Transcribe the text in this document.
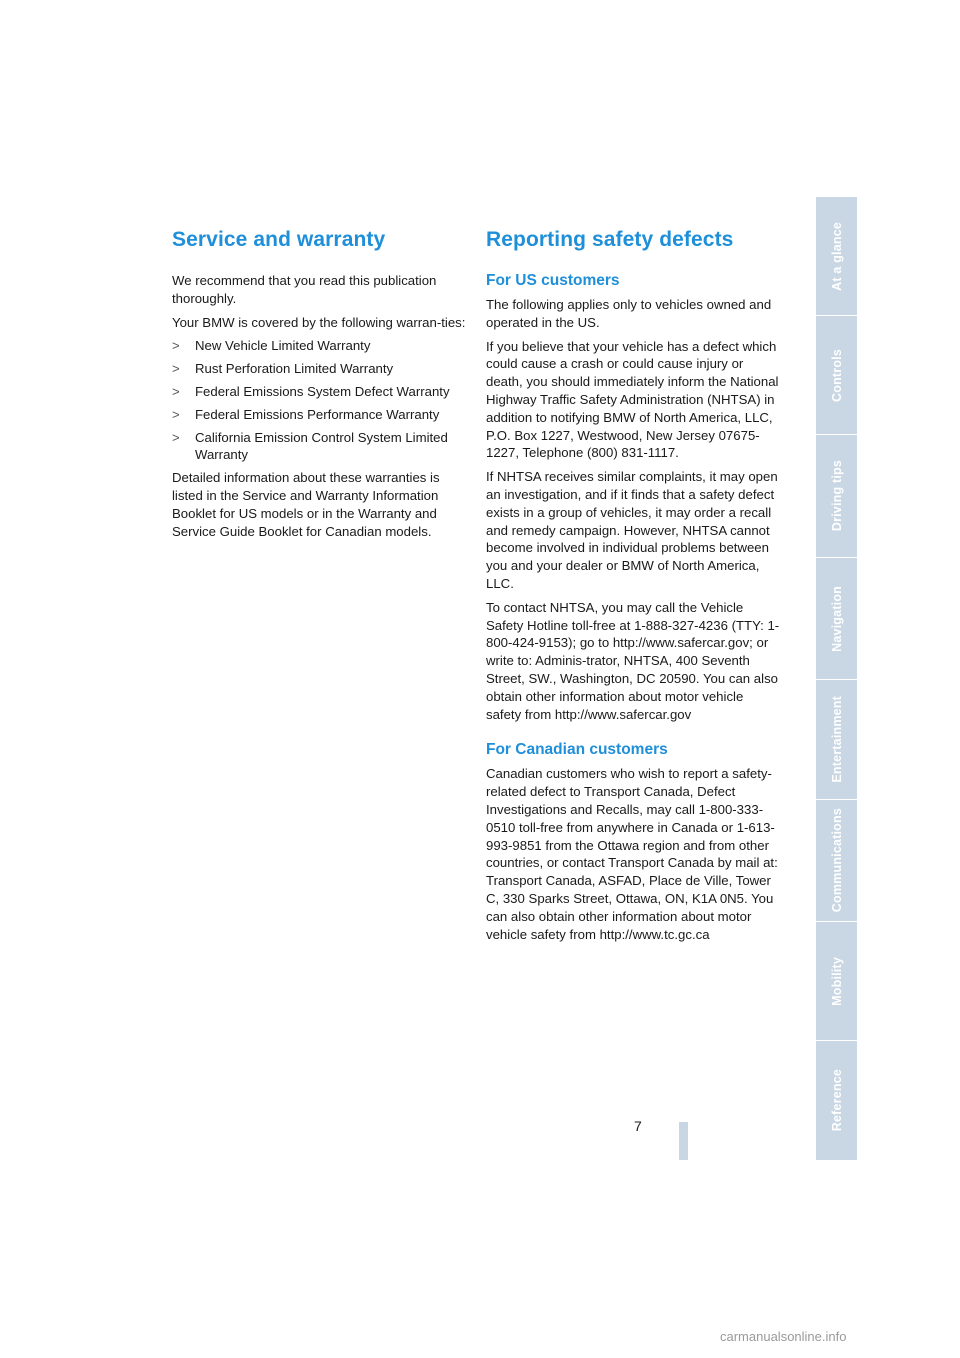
Service and warranty

We recommend that you read this publication thoroughly.

Your BMW is covered by the following warran-ties:

> New Vehicle Limited Warranty
> Rust Perforation Limited Warranty
> Federal Emissions System Defect Warranty
> Federal Emissions Performance Warranty
> California Emission Control System Limited Warranty

Detailed information about these warranties is listed in the Service and Warranty Information Booklet for US models or in the Warranty and Service Guide Booklet for Canadian models.

Reporting safety defects
For US customers

The following applies only to vehicles owned and operated in the US.

If you believe that your vehicle has a defect which could cause a crash or could cause injury or death, you should immediately inform the National Highway Traffic Safety Administration (NHTSA) in addition to notifying BMW of North America, LLC, P.O. Box 1227, Westwood, New Jersey 07675-1227, Telephone (800) 831-1117.

If NHTSA receives similar complaints, it may open an investigation, and if it finds that a safety defect exists in a group of vehicles, it may order a recall and remedy campaign. However, NHTSA cannot become involved in individual problems between you and your dealer or BMW of North America, LLC.

To contact NHTSA, you may call the Vehicle Safety Hotline toll-free at 1-888-327-4236 (TTY: 1-800-424-9153); go to http://www.safercar.gov; or write to: Adminis-trator, NHTSA, 400 Seventh Street, SW., Washington, DC 20590. You can also obtain other information about motor vehicle safety from http://www.safercar.gov

For Canadian customers

Canadian customers who wish to report a safety-related defect to Transport Canada, Defect Investigations and Recalls, may call 1-800-333-0510 toll-free from anywhere in Canada or 1-613-993-9851 from the Ottawa region and from other countries, or contact Transport Canada by mail at: Transport Canada, ASFAD, Place de Ville, Tower C, 330 Sparks Street, Ottawa, ON, K1A 0N5. You can also obtain other information about motor vehicle safety from http://www.tc.gc.ca

At a glance
Controls
Driving tips
Navigation
Entertainment
Communications
Mobility
Reference
7
carmanualsonline.info
